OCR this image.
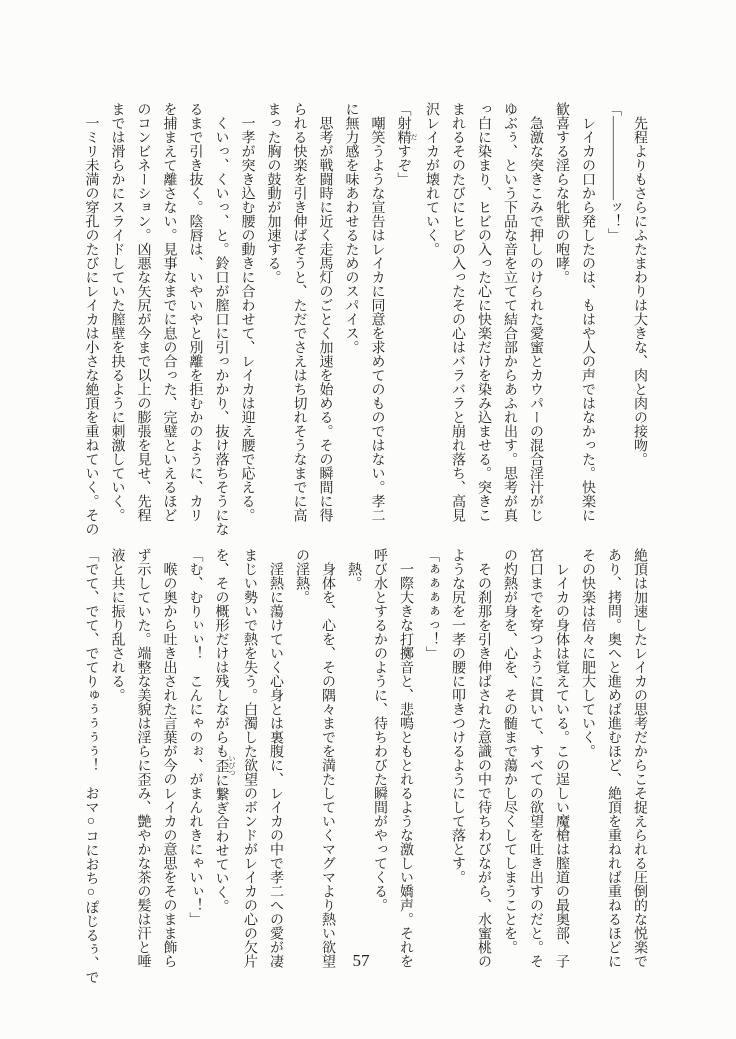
　先程よりもさらにふたまわりは大きな、肉と肉の接吻。
「――――――ッ！」
　レイカの口から発したのは、もはや人の声ではなかった。快楽に
歓喜する淫らな牝獣の咆哮。
　急激な突きこみで押しのけられた愛蜜とカウパーの混合淫汁がじ
ゆぶぅ、という下品な音を立てて結合部からあふれ出す。思考が真
っ白に染まり、ヒビの入った心に快楽だけを染み込ませる。突きこ
まれるそのたびにヒビの入ったその心はバラバラと崩れ落ち、高見
沢レイカが壊れていく。
「射精 だすぞ」
　嘲笑うような宣告はレイカに同意を求めてのものではない。孝二
に無力感を味あわせるためのスパイス。
　思考が戦闘時に近く走馬灯のごとく加速を始める。その瞬間に得
られる快楽を引き伸ばそうと、ただでさえはち切れそうなまでに高
まった胸の鼓動が加速する。
　一孝が突き込む腰の動きに合わせて、レイカは迎え腰で応える。
　くいっ、くいっ、と。鈴口が膣口に引っかかり、抜け落ちそうにな
るまで引き抜く。陰唇は、いやいやと別離を拒むかのように、カリ
を捕まえて離さない。見事なまでに息の合った、完璧といえるほど
のコンビネーション。凶悪な矢尻が今まで以上の膨張を見せ、先程
までは滑らかにスライドしていた膣壁を抉るように刺激していく。
　一ミリ未満の穿孔のたびにレイカは小さな絶頂を重ねていく。その
絶頂は加速したレイカの思考だからこそ捉えられる圧倒的な悦楽で
あり、拷問。奥へと進めば進むほど、絶頂を重ねれば重ねるほどに
その快楽は倍々に肥大していく。
　レイカの身体は覚えている。この逞しい魔槍は膣道の最奥部、子
宮口までを穿つように貫いて、すべての欲望を吐き出すのだと。そ
の灼熱が身を、心を、その髄まで蕩かし尽くしてしまうことを。
　その刹那を引き伸ばされた意識の中で待ちわびながら、水蜜桃の
ような尻を一孝の腰に叩きつけるようにして落とす。
「ぁぁぁぁっ！」
　一際大きな打擲音と、悲鳴ともとれるような激しい嬌声。それを
呼び水とするかのように、待ちわびた瞬間がやってくる。
　熱。
　身体を、心を、その隅々までを満たしていくマグマより熱い欲望
の淫熱。
　淫熱に蕩けていく心身とは裏腹に、レイカの中で孝二への愛が凄
まじい勢いで熱を失う。白濁した欲望のボンドがレイカの心の欠片
を、その概形だけは残しながらも歪 いびつに繋ぎ合わせていく。
「む、むりぃぃ！　こんにゃのぉ、がまんれきにゃいぃ！」
　喉の奥から吐き出された言葉が今のレイカの意思をそのまま飾ら
ず示していた。端整な美貌は淫らに歪み、艶やかな茶の髪は汗と唾
液と共に振り乱される。
「でて、でて、でてりゅぅぅぅぅ！　おマ○コにおち○ぽじるぅ、で	57
